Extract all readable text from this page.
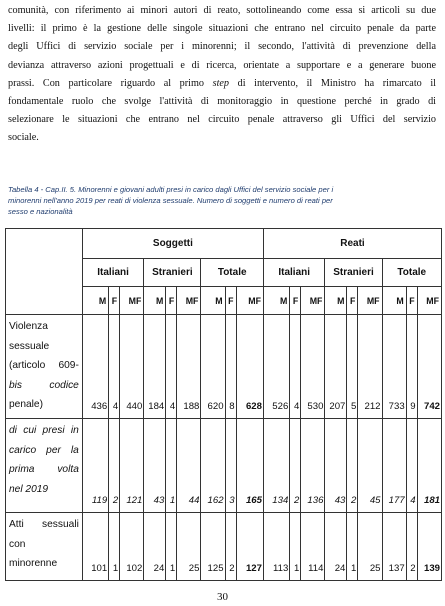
comunità, con riferimento ai minori autori di reato, sottolineando come essa si articoli su due
livelli: il primo è la gestione delle singole situazioni che entrano nel circuito penale da parte
degli Uffici di servizio sociale per i minorenni; il secondo, l'attività di prevenzione della
devianza attraverso azioni progettuali e di ricerca, orientate a supportare e a generare buone
prassi. Con particolare riguardo al primo step di intervento, il Ministro ha rimarcato il
fondamentale ruolo che svolge l'attività di monitoraggio in questione perché in grado di
selezionare le situazioni che entrano nel circuito penale attraverso gli Uffici del servizio
sociale.
Tabella 4 - Cap.II. 5. Minorenni e giovani adulti presi in carico dagli Uffici del servizio sociale per i
minorenni nell'anno 2019 per reati di violenza sessuale. Numero di soggetti e numero di reati per
sesso e nazionalità
	Soggetti									Reati								
	Italiani			Stranieri			Totale			Italiani			Stranieri			Totale		
	M	F	MF	M	F	MF	M	F	MF	M	F	MF	M	F	MF	M	F	MF

Violenza
sessuale
(articolo 609-
bis codice
penale)	436	4	440	184	4	188	620	8	628	526	4	530	207	5	212	733	9	742

di cui presi in
carico per la
prima volta
nel 2019	119	2	121	43	1	44	162	3	165	134	2	136	43	2	45	177	4	181

Atti sessuali
con
minorenne	101	1	102	24	1	25	125	2	127	113	1	114	24	1	25	137	2	139
30
